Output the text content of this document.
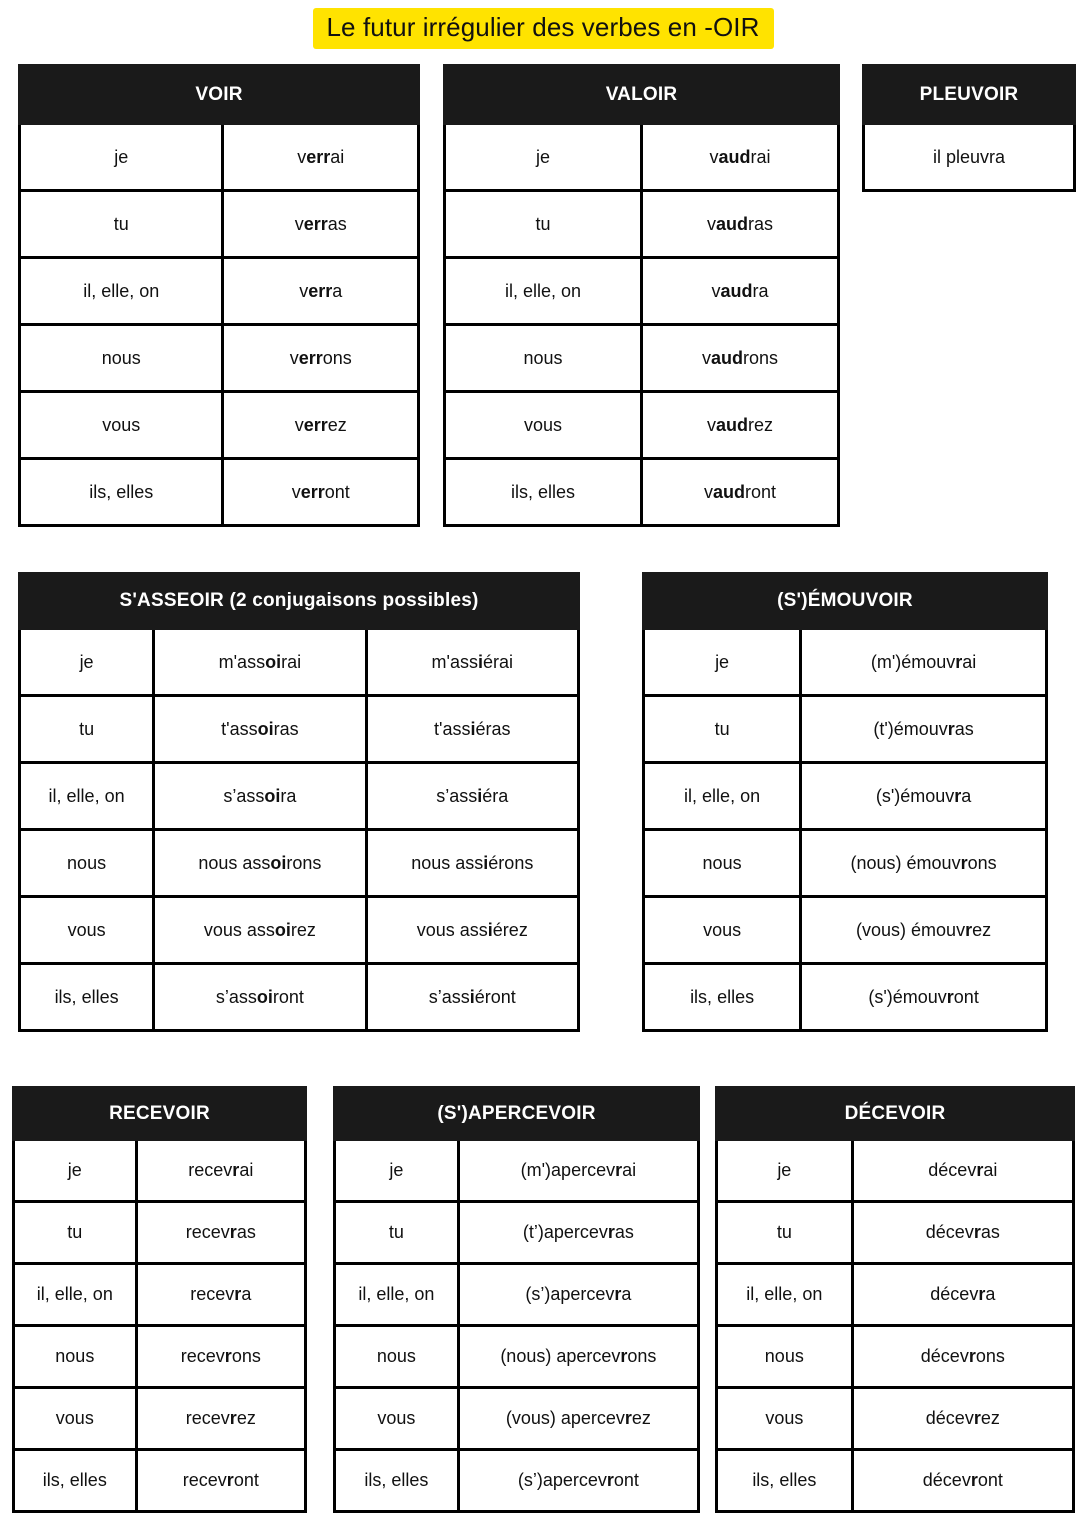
Le futur irrégulier des verbes en -OIR
VOIR	
je	verrai
tu	verras
il, elle, on	verra
nous	verrons
vous	verrez
ils, elles	verront
VALOIR	
je	vaudrai
tu	vaudras
il, elle, on	vaudra
nous	vaudrons
vous	vaudrez
ils, elles	vaudront
PLEUVOIR
il pleuvra
S'ASSEOIR (2 conjugaisons possibles)		
je	m'assoirai	m'assiérai
tu	t'assoiras	t'assiéras
il, elle, on	s’assoira	s’assiéra
nous	nous assoirons	nous assiérons
vous	vous assoirez	vous assiérez
ils, elles	s’assoiront	s’assiéront
(S')ÉMOUVOIR	
je	(m')émouvrai
tu	(t')émouvras
il, elle, on	(s')émouvra
nous	(nous) émouvrons
vous	(vous) émouvrez
ils, elles	(s')émouvront
RECEVOIR	
je	recevrai
tu	recevras
il, elle, on	recevra
nous	recevrons
vous	recevrez
ils, elles	recevront
(S')APERCEVOIR	
je	(m')apercevrai
tu	(t’)apercevras
il, elle, on	(s’)apercevra
nous	(nous) apercevrons
vous	(vous) apercevrez
ils, elles	(s’)apercevront
DÉCEVOIR	
je	décevrai
tu	décevras
il, elle, on	décevra
nous	décevrons
vous	décevrez
ils, elles	décevront
